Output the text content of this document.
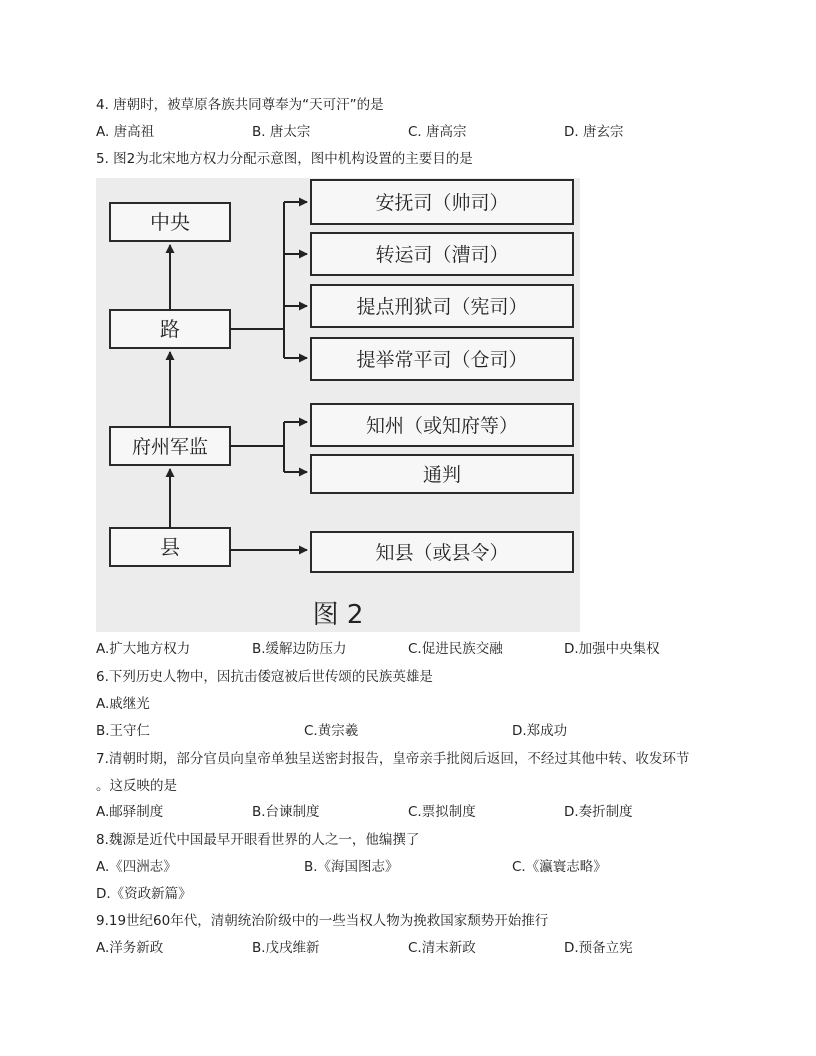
4. 唐朝时，被草原各族共同尊奉为“天可汗”的是
A. 唐高祖	B. 唐太宗	C. 唐高宗	D. 唐玄宗
5. 图2为北宋地方权力分配示意图，图中机构设置的主要目的是
中央
路
府州军监
县
安抚司（帅司）
转运司（漕司）
提点刑狱司（宪司）
提举常平司（仓司）
知州（或知府等）
通判
知县（或县令）
图 2
A.扩大地方权力	B.缓解边防压力	C.促进民族交融	D.加强中央集权
6.下列历史人物中，因抗击倭寇被后世传颂的民族英雄是
A.戚继光
B.王守仁	C.黄宗羲	D.郑成功
7.清朝时期，部分官员向皇帝单独呈送密封报告，皇帝亲手批阅后返回，不经过其他中转、收发环节
。这反映的是
A.邮驿制度	B.台谏制度	C.票拟制度	D.奏折制度
8.魏源是近代中国最早开眼看世界的人之一，他编撰了
A.《四洲志》	B.《海国图志》	C.《瀛寰志略》
D.《资政新篇》
9.19世纪60年代，清朝统治阶级中的一些当权人物为挽救国家颓势开始推行
A.洋务新政	B.戊戌维新	C.清末新政	D.预备立宪
